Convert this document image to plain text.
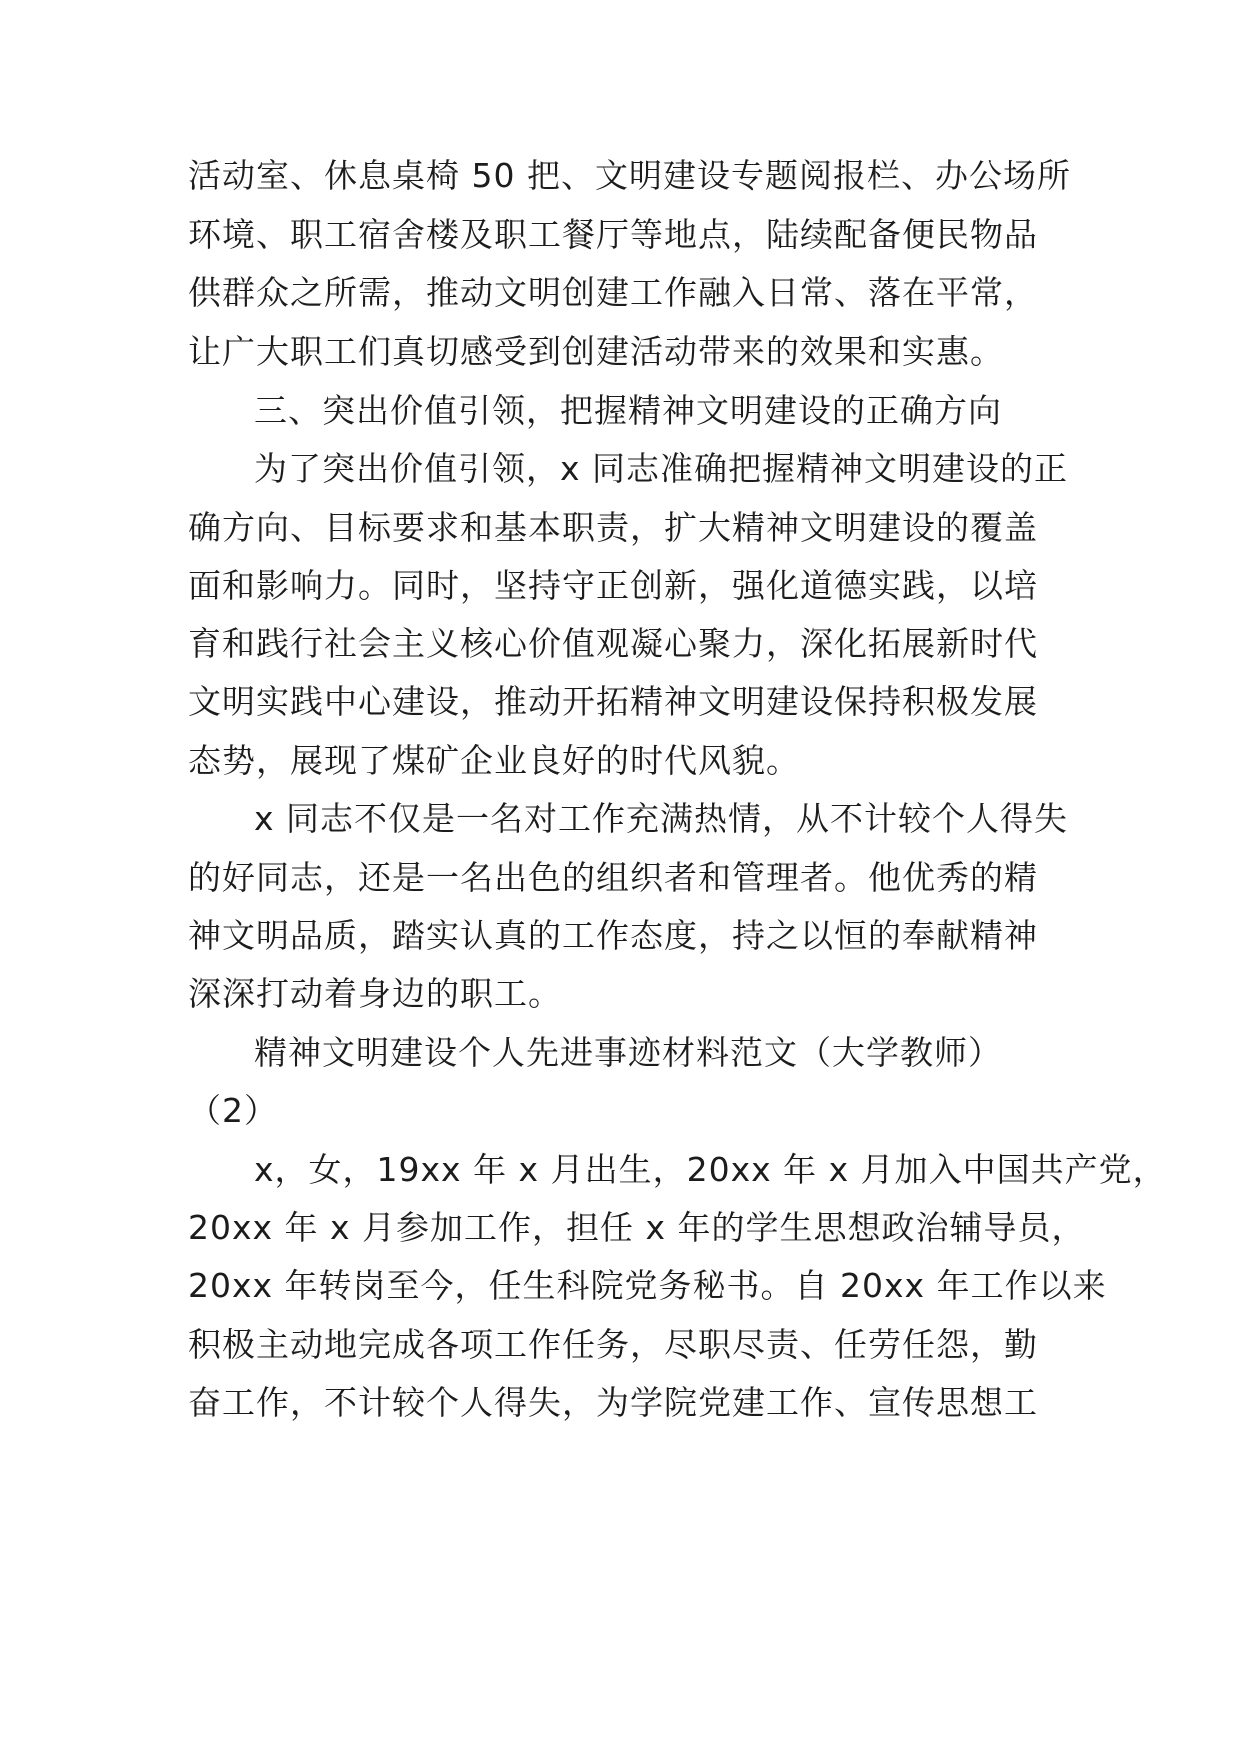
活动室、休息桌椅 50 把、文明建设专题阅报栏、办公场所
环境、职工宿舍楼及职工餐厅等地点，陆续配备便民物品
供群众之所需，推动文明创建工作融入日常、落在平常，
让广大职工们真切感受到创建活动带来的效果和实惠。
三、突出价值引领，把握精神文明建设的正确方向
为了突出价值引领，x 同志准确把握精神文明建设的正
确方向、目标要求和基本职责，扩大精神文明建设的覆盖
面和影响力。同时，坚持守正创新，强化道德实践，以培
育和践行社会主义核心价值观凝心聚力，深化拓展新时代
文明实践中心建设，推动开拓精神文明建设保持积极发展
态势，展现了煤矿企业良好的时代风貌。
x 同志不仅是一名对工作充满热情，从不计较个人得失
的好同志，还是一名出色的组织者和管理者。他优秀的精
神文明品质，踏实认真的工作态度，持之以恒的奉献精神
深深打动着身边的职工。
精神文明建设个人先进事迹材料范文（大学教师）
（2）
x，女，19xx 年 x 月出生，20xx 年 x 月加入中国共产党，
20xx 年 x 月参加工作，担任 x 年的学生思想政治辅导员，
20xx 年转岗至今，任生科院党务秘书。自 20xx 年工作以来
积极主动地完成各项工作任务，尽职尽责、任劳任怨，勤
奋工作，不计较个人得失，为学院党建工作、宣传思想工
